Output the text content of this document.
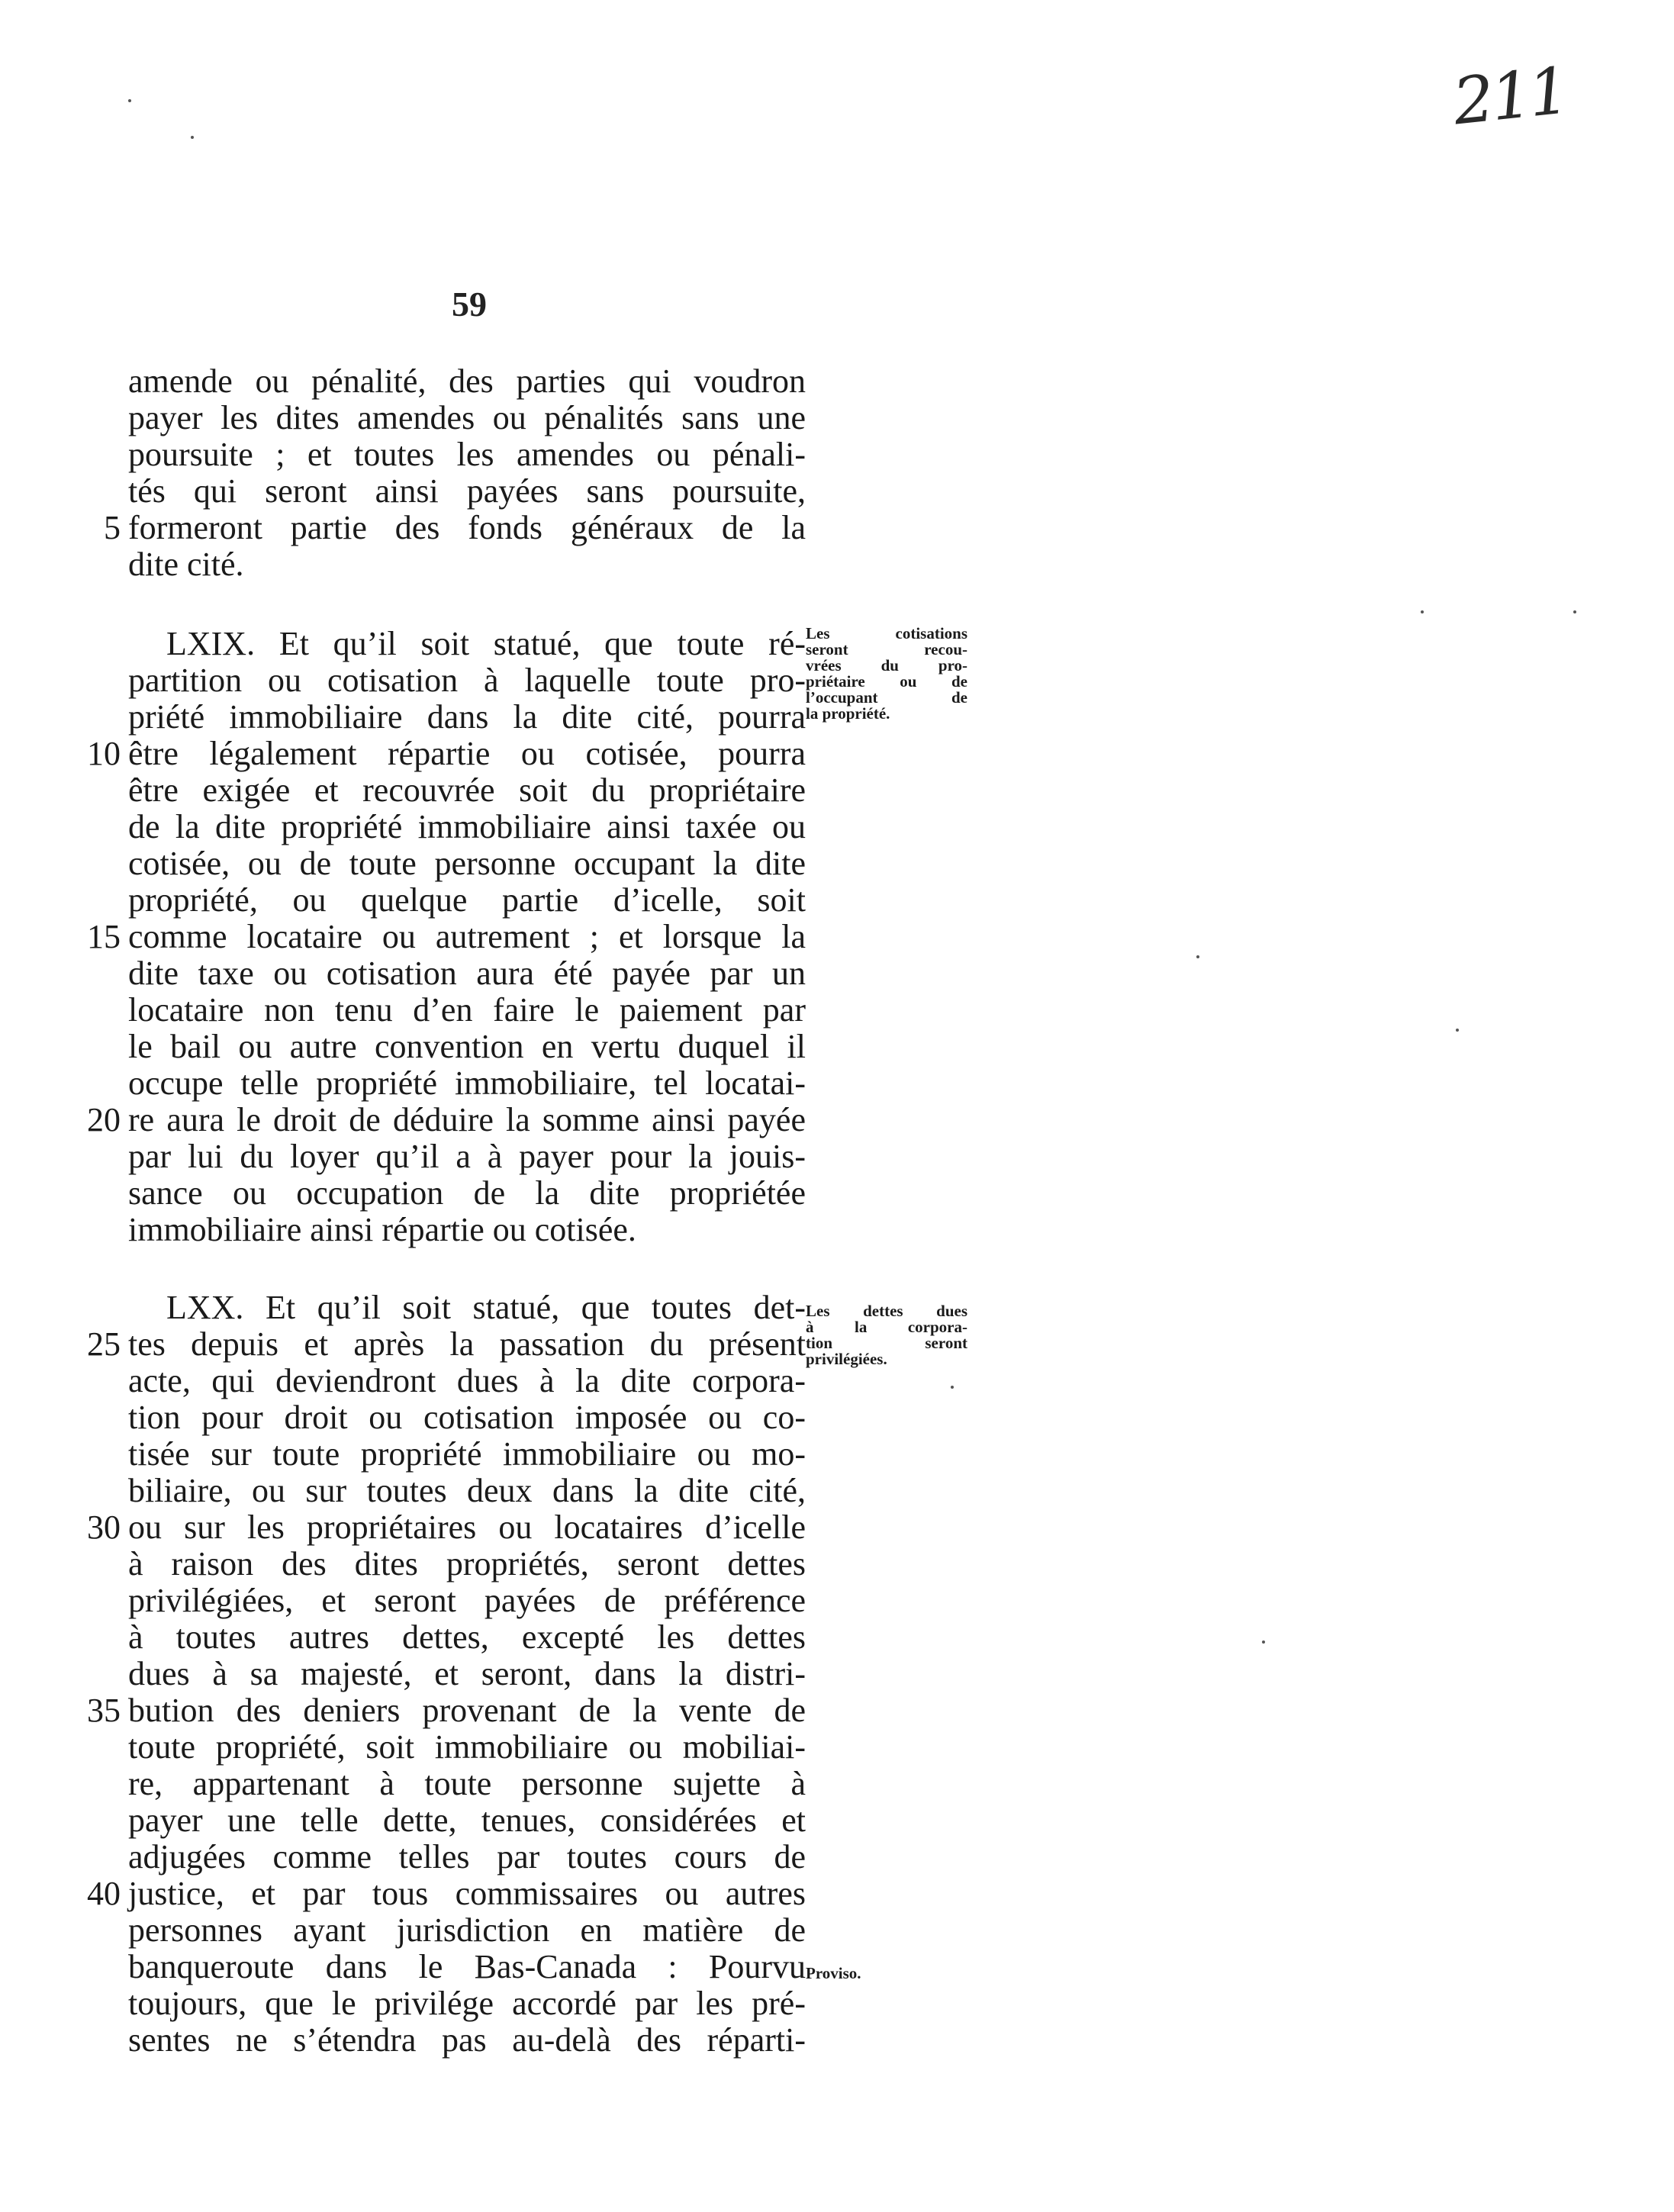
211
59
amende ou pénalité, des parties qui voudron
payer les dites amendes ou pénalités sans une
poursuite ; et toutes les amendes ou pénali-
tés qui seront ainsi payées sans poursuite,
formeront partie des fonds généraux de la
dite cité.
LXIX. Et qu’il soit statué, que toute ré-
partition ou cotisation à laquelle toute pro-
priété immobiliaire dans la dite cité, pourra
être légalement répartie ou cotisée, pourra
être exigée et recouvrée soit du propriétaire
de la dite propriété immobiliaire ainsi taxée ou
cotisée, ou de toute personne occupant la dite
propriété, ou quelque partie d’icelle, soit
comme locataire ou autrement ; et lorsque la
dite taxe ou cotisation aura été payée par un
locataire non tenu d’en faire le paiement par
le bail ou autre convention en vertu duquel il
occupe telle propriété immobiliaire, tel locatai-
re aura le droit de déduire la somme ainsi payée
par lui du loyer qu’il a à payer pour la jouis-
sance ou occupation de la dite propriétée
immobiliaire ainsi répartie ou cotisée.
LXX. Et qu’il soit statué, que toutes det-
tes depuis et après la passation du présent
acte, qui deviendront dues à la dite corpora-
tion pour droit ou cotisation imposée ou co-
tisée sur toute propriété immobiliaire ou mo-
biliaire, ou sur toutes deux dans la dite cité,
ou sur les propriétaires ou locataires d’icelle
à raison des dites propriétés, seront dettes
privilégiées, et seront payées de préférence
à toutes autres dettes, excepté les dettes
dues à sa majesté, et seront, dans la distri-
bution des deniers provenant de la vente de
toute propriété, soit immobiliaire ou mobiliai-
re, appartenant à toute personne sujette à
payer une telle dette, tenues, considérées et
adjugées comme telles par toutes cours de
justice, et par tous commissaires ou autres
personnes ayant jurisdiction en matière de
banqueroute dans le Bas-Canada : Pourvu
toujours, que le privilége accordé par les pré-
sentes ne s’étendra pas au-delà des réparti-
5
10
15
20
25
30
35
40
Les cotisations
seront recou-
vrées du pro-
priétaire ou de
l’occupant de
la propriété.
Les dettes dues
à la corpora-
tion seront
privilégiées.
Proviso.
